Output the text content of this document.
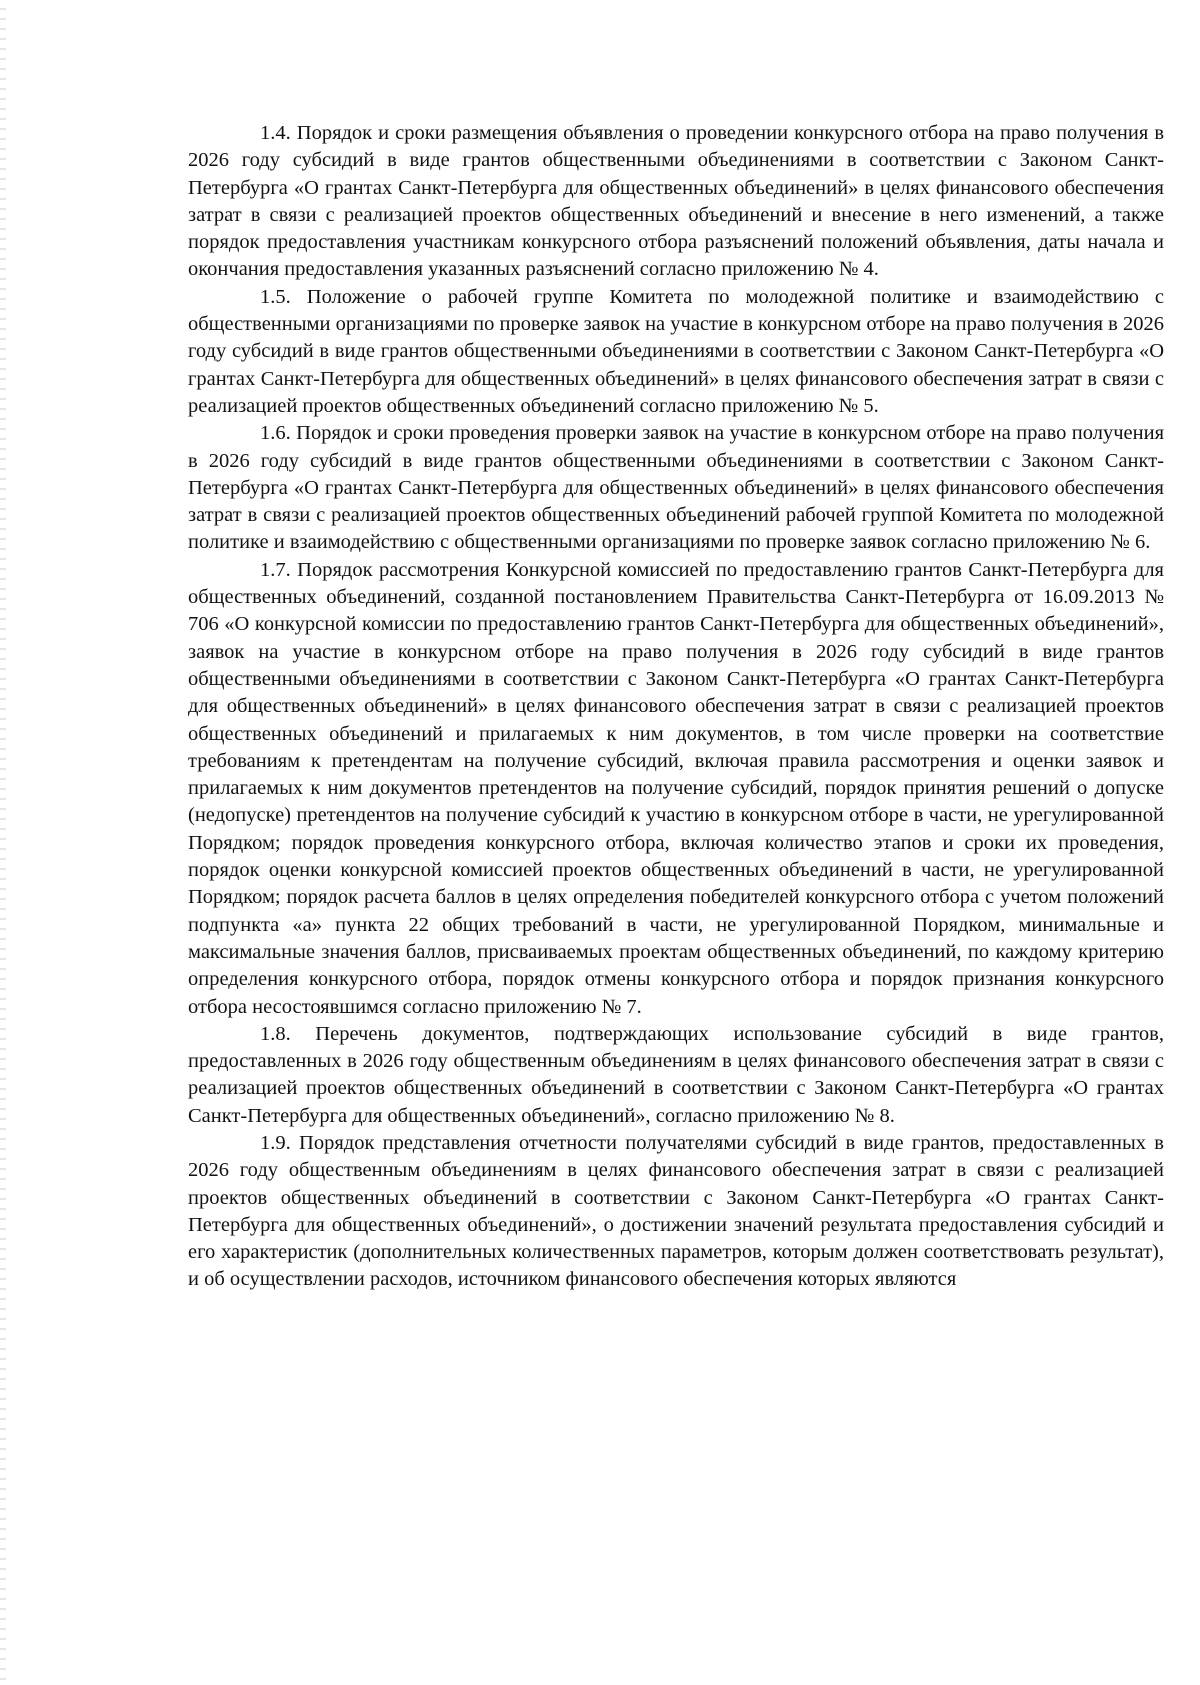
1.4. Порядок и сроки размещения объявления о проведении конкурсного отбора на право получения в 2026 году субсидий в виде грантов общественными объединениями в соответствии с Законом Санкт-Петербурга «О грантах Санкт-Петербурга для общественных объединений» в целях финансового обеспечения затрат в связи с реализацией проектов общественных объединений и внесение в него изменений, а также порядок предоставления участникам конкурсного отбора разъяснений положений объявления, даты начала и окончания предоставления указанных разъяснений согласно приложению № 4.

1.5. Положение о рабочей группе Комитета по молодежной политике и взаимодействию с общественными организациями по проверке заявок на участие в конкурсном отборе на право получения в 2026 году субсидий в виде грантов общественными объединениями в соответствии с Законом Санкт-Петербурга «О грантах Санкт-Петербурга для общественных объединений» в целях финансового обеспечения затрат в связи с реализацией проектов общественных объединений согласно приложению № 5.

1.6. Порядок и сроки проведения проверки заявок на участие в конкурсном отборе на право получения в 2026 году субсидий в виде грантов общественными объединениями в соответствии с Законом Санкт-Петербурга «О грантах Санкт-Петербурга для общественных объединений» в целях финансового обеспечения затрат в связи с реализацией проектов общественных объединений рабочей группой Комитета по молодежной политике и взаимодействию с общественными организациями по проверке заявок согласно приложению № 6.

1.7. Порядок рассмотрения Конкурсной комиссией по предоставлению грантов Санкт-Петербурга для общественных объединений, созданной постановлением Правительства Санкт-Петербурга от 16.09.2013 № 706 «О конкурсной комиссии по предоставлению грантов Санкт-Петербурга для общественных объединений», заявок на участие в конкурсном отборе на право получения в 2026 году субсидий в виде грантов общественными объединениями в соответствии с Законом Санкт-Петербурга «О грантах Санкт-Петербурга для общественных объединений» в целях финансового обеспечения затрат в связи с реализацией проектов общественных объединений и прилагаемых к ним документов, в том числе проверки на соответствие требованиям к претендентам на получение субсидий, включая правила рассмотрения и оценки заявок и прилагаемых к ним документов претендентов на получение субсидий, порядок принятия решений о допуске (недопуске) претендентов на получение субсидий к участию в конкурсном отборе в части, не урегулированной Порядком; порядок проведения конкурсного отбора, включая количество этапов и сроки их проведения, порядок оценки конкурсной комиссией проектов общественных объединений в части, не урегулированной Порядком; порядок расчета баллов в целях определения победителей конкурсного отбора с учетом положений подпункта «а» пункта 22 общих требований в части, не урегулированной Порядком, минимальные и максимальные значения баллов, присваиваемых проектам общественных объединений, по каждому критерию определения конкурсного отбора, порядок отмены конкурсного отбора и порядок признания конкурсного отбора несостоявшимся согласно приложению № 7.

1.8. Перечень документов, подтверждающих использование субсидий в виде грантов, предоставленных в 2026 году общественным объединениям в целях финансового обеспечения затрат в связи с реализацией проектов общественных объединений в соответствии с Законом Санкт-Петербурга «О грантах Санкт-Петербурга для общественных объединений», согласно приложению № 8.

1.9. Порядок представления отчетности получателями субсидий в виде грантов, предоставленных в 2026 году общественным объединениям в целях финансового обеспечения затрат в связи с реализацией проектов общественных объединений в соответствии с Законом Санкт-Петербурга «О грантах Санкт-Петербурга для общественных объединений», о достижении значений результата предоставления субсидий и его характеристик (дополнительных количественных параметров, которым должен соответствовать результат), и об осуществлении расходов, источником финансового обеспечения которых являются
